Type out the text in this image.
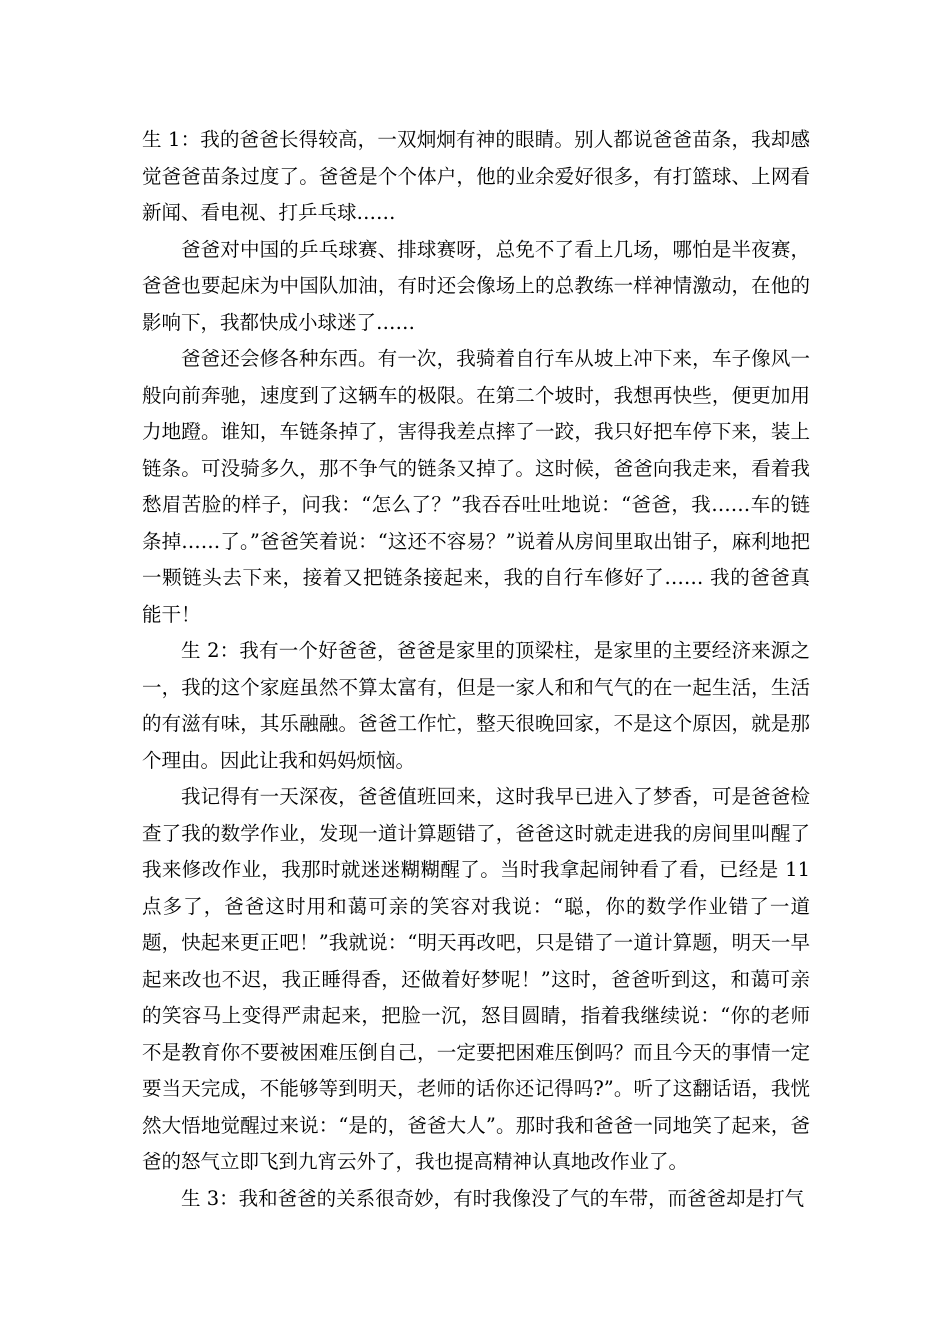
生 1：我的爸爸长得较高，一双炯炯有神的眼睛。别人都说爸爸苗条，我却感觉爸爸苗条过度了。爸爸是个个体户，他的业余爱好很多，有打篮球、上网看新闻、看电视、打乒乓球……

爸爸对中国的乒乓球赛、排球赛呀，总免不了看上几场，哪怕是半夜赛，爸爸也要起床为中国队加油，有时还会像场上的总教练一样神情激动，在他的影响下，我都快成小球迷了……

爸爸还会修各种东西。有一次，我骑着自行车从坡上冲下来，车子像风一般向前奔驰，速度到了这辆车的极限。在第二个坡时，我想再快些，便更加用力地蹬。谁知，车链条掉了，害得我差点摔了一跤，我只好把车停下来，装上链条。可没骑多久，那不争气的链条又掉了。这时候，爸爸向我走来，看着我愁眉苦脸的样子，问我：“怎么了？”我吞吞吐吐地说：“爸爸，我……车的链条掉……了。”爸爸笑着说：“这还不容易？”说着从房间里取出钳子，麻利地把一颗链头去下来，接着又把链条接起来，我的自行车修好了…… 我的爸爸真能干！

生 2：我有一个好爸爸，爸爸是家里的顶梁柱，是家里的主要经济来源之一，我的这个家庭虽然不算太富有，但是一家人和和气气的在一起生活，生活的有滋有味，其乐融融。爸爸工作忙，整天很晚回家，不是这个原因，就是那个理由。因此让我和妈妈烦恼。

我记得有一天深夜，爸爸值班回来，这时我早已进入了梦香，可是爸爸检查了我的数学作业，发现一道计算题错了，爸爸这时就走进我的房间里叫醒了我来修改作业，我那时就迷迷糊糊醒了。当时我拿起闹钟看了看，已经是 11 点多了，爸爸这时用和蔼可亲的笑容对我说：“聪，你的数学作业错了一道题，快起来更正吧！”我就说：“明天再改吧，只是错了一道计算题，明天一早起来改也不迟，我正睡得香，还做着好梦呢！”这时，爸爸听到这，和蔼可亲的笑容马上变得严肃起来，把脸一沉，怒目圆睛，指着我继续说：“你的老师不是教育你不要被困难压倒自己，一定要把困难压倒吗？而且今天的事情一定要当天完成，不能够等到明天，老师的话你还记得吗?”。听了这翻话语，我恍然大悟地觉醒过来说：“是的，爸爸大人”。那时我和爸爸一同地笑了起来，爸爸的怒气立即飞到九宵云外了，我也提高精神认真地改作业了。

生 3：我和爸爸的关系很奇妙，有时我像没了气的车带，而爸爸却是打气
